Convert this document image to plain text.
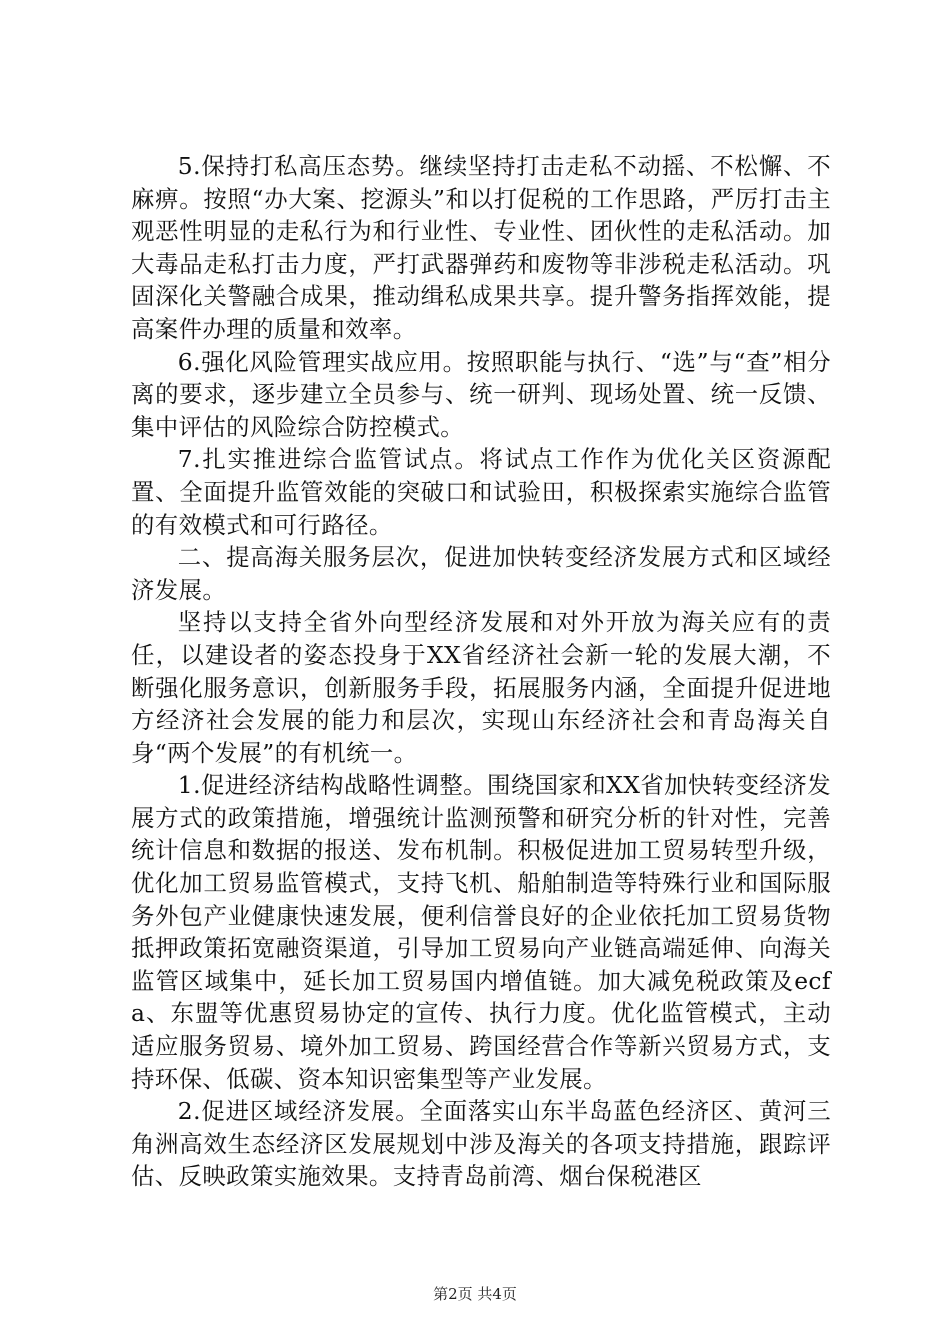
5.保持打私高压态势。继续坚持打击走私不动摇、不松懈、不麻痹。按照“办大案、挖源头”和以打促税的工作思路，严厉打击主观恶性明显的走私行为和行业性、专业性、团伙性的走私活动。加大毒品走私打击力度，严打武器弹药和废物等非涉税走私活动。巩固深化关警融合成果，推动缉私成果共享。提升警务指挥效能，提高案件办理的质量和效率。

6.强化风险管理实战应用。按照职能与执行、“选”与“查”相分离的要求，逐步建立全员参与、统一研判、现场处置、统一反馈、集中评估的风险综合防控模式。

7.扎实推进综合监管试点。将试点工作作为优化关区资源配置、全面提升监管效能的突破口和试验田，积极探索实施综合监管的有效模式和可行路径。

二、提高海关服务层次，促进加快转变经济发展方式和区域经济发展。

坚持以支持全省外向型经济发展和对外开放为海关应有的责任，以建设者的姿态投身于XX省经济社会新一轮的发展大潮，不断强化服务意识，创新服务手段，拓展服务内涵，全面提升促进地方经济社会发展的能力和层次，实现山东经济社会和青岛海关自身“两个发展”的有机统一。

1.促进经济结构战略性调整。围绕国家和XX省加快转变经济发展方式的政策措施，增强统计监测预警和研究分析的针对性，完善统计信息和数据的报送、发布机制。积极促进加工贸易转型升级，优化加工贸易监管模式，支持飞机、船舶制造等特殊行业和国际服务外包产业健康快速发展，便利信誉良好的企业依托加工贸易货物抵押政策拓宽融资渠道，引导加工贸易向产业链高端延伸、向海关监管区域集中，延长加工贸易国内增值链。加大减免税政策及ecfa、东盟等优惠贸易协定的宣传、执行力度。优化监管模式，主动适应服务贸易、境外加工贸易、跨国经营合作等新兴贸易方式，支持环保、低碳、资本知识密集型等产业发展。

2.促进区域经济发展。全面落实山东半岛蓝色经济区、黄河三角洲高效生态经济区发展规划中涉及海关的各项支持措施，跟踪评估、反映政策实施效果。支持青岛前湾、烟台保税港区

第2页 共4页
